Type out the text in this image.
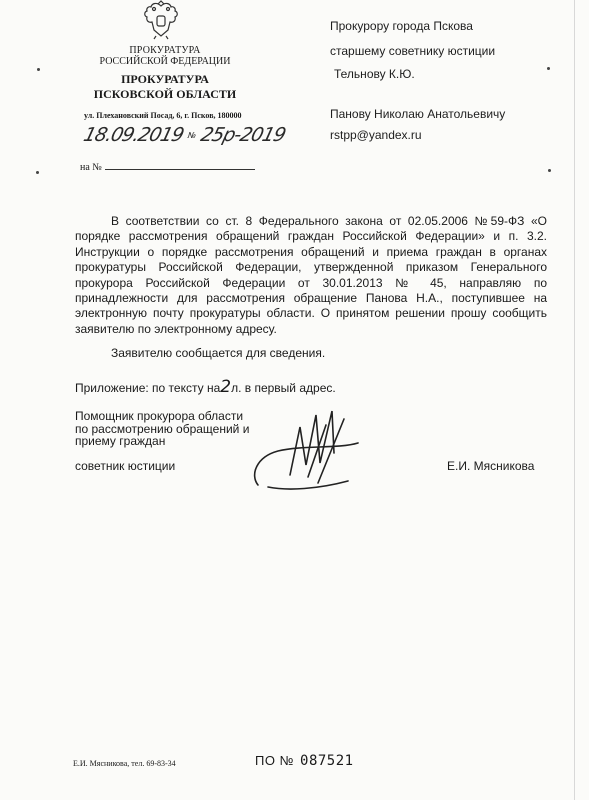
ПРОКУРАТУРА
РОССИЙСКОЙ ФЕДЕРАЦИИ
ПРОКУРАТУРА
ПСКОВСКОЙ ОБЛАСТИ
ул. Плехановский Посад, 6, г. Псков, 180000
18.09.2019 № 25р-2019
на №
Прокурору города Пскова
старшему советнику юстиции
Тельнову К.Ю.
Панову Николаю Анатольевичу
rstpp@yandex.ru

В соответствии со ст. 8 Федерального закона от 02.05.2006 №59-ФЗ «О порядке рассмотрения обращений граждан Российской Федерации» и п. 3.2. Инструкции о порядке рассмотрения обращений и приема граждан в органах прокуратуры Российской Федерации, утвержденной приказом Генерального прокурора Российской Федерации от 30.01.2013 № 45, направляю по принадлежности для рассмотрения обращение Панова Н.А., поступившее на электронную почту прокуратуры области. О принятом решении прошу сообщить заявителю по электронному адресу.

Заявителю сообщается для сведения.
Приложение: по тексту на2л. в первый адрес.
Помощник прокурора области
по рассмотрению обращений и
приему граждан
советник юстиции	Е.И. Мясникова
Е.И. Мясникова, тел. 69-83-34	ПО № 087521
